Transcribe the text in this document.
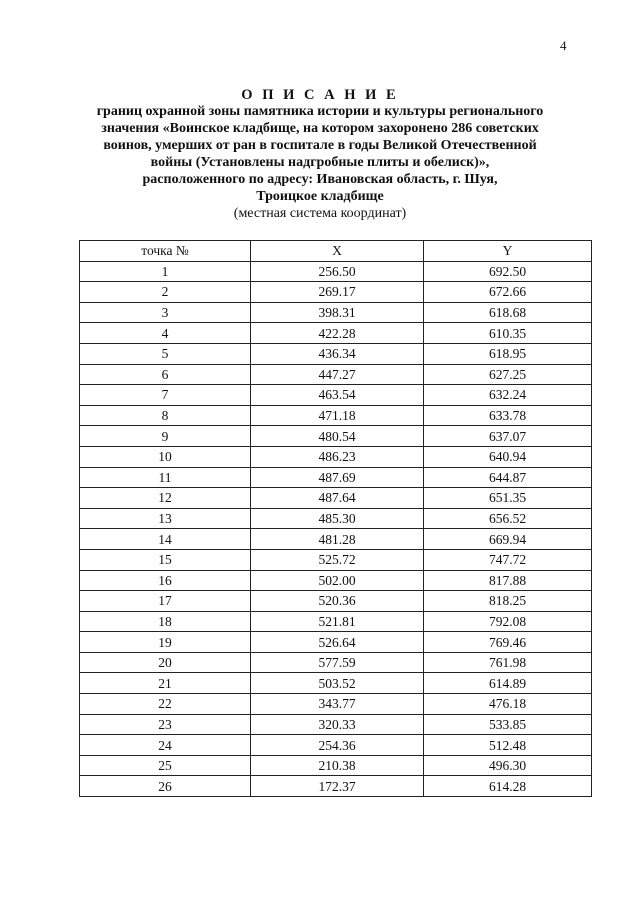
4
О П И С А Н И Е
границ охранной зоны памятника истории и культуры регионального
значения «Воинское кладбище, на котором захоронено 286 советских
воинов, умерших от ран в госпитале в годы Великой Отечественной
войны (Установлены надгробные плиты и обелиск)»,
расположенного по адресу: Ивановская область, г. Шуя,
Троицкое кладбище
(местная система координат)
точка №	X	Y
1	256.50	692.50
2	269.17	672.66
3	398.31	618.68
4	422.28	610.35
5	436.34	618.95
6	447.27	627.25
7	463.54	632.24
8	471.18	633.78
9	480.54	637.07
10	486.23	640.94
11	487.69	644.87
12	487.64	651.35
13	485.30	656.52
14	481.28	669.94
15	525.72	747.72
16	502.00	817.88
17	520.36	818.25
18	521.81	792.08
19	526.64	769.46
20	577.59	761.98
21	503.52	614.89
22	343.77	476.18
23	320.33	533.85
24	254.36	512.48
25	210.38	496.30
26	172.37	614.28
